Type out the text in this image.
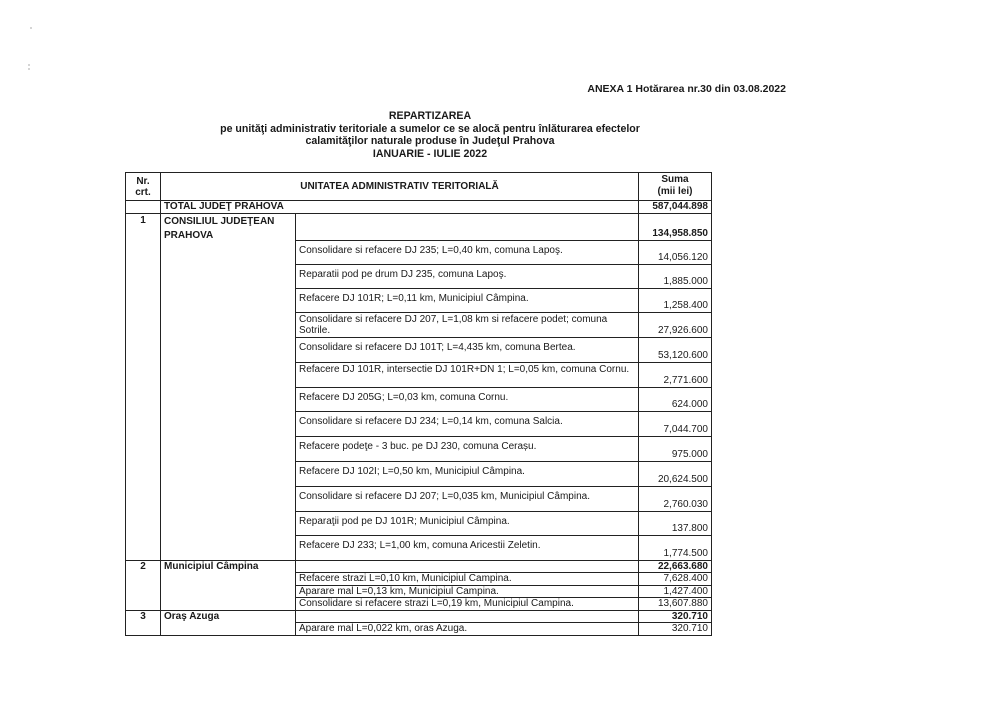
ANEXA 1 Hotărarea nr.30 din 03.08.2022
REPARTIZAREA
pe unităţi administrativ teritoriale a sumelor ce se alocă pentru înlăturarea efectelor
calamităţilor naturale produse în Judeţul Prahova
IANUARIE - IULIE 2022
Nr.
crt.	UNITATEA ADMINISTRATIV TERITORIALĂ		Suma
(mii lei)
	TOTAL JUDEŢ PRAHOVA		587,044.898
1	CONSILIUL JUDEŢEAN PRAHOVA		134,958.850
		Consolidare si refacere DJ 235; L=0,40 km, comuna Lapoş.	14,056.120
		Reparatii pod pe drum DJ 235, comuna Lapoş.	1,885.000
		Refacere DJ 101R; L=0,11 km, Municipiul Câmpina.	1,258.400
		Consolidare si refacere DJ 207, L=1,08 km si refacere podet; comuna Sotrile.	27,926.600
		Consolidare si refacere DJ 101T; L=4,435 km, comuna Bertea.	53,120.600
		Refacere DJ 101R, intersectie DJ 101R+DN 1; L=0,05 km, comuna Cornu.	2,771.600
		Refacere DJ 205G; L=0,03 km, comuna Cornu.	624.000
		Consolidare si refacere DJ 234; L=0,14 km, comuna Salcia.	7,044.700
		Refacere podeţe - 3 buc. pe DJ 230, comuna Cerașu.	975.000
		Refacere DJ 102I; L=0,50 km, Municipiul Câmpina.	20,624.500
		Consolidare si refacere DJ 207; L=0,035 km, Municipiul Câmpina.	2,760.030
		Reparaţii pod pe DJ 101R; Municipiul Câmpina.	137.800
		Refacere DJ 233; L=1,00 km, comuna Aricestii Zeletin.	1,774.500
2	Municipiul Câmpina		22,663.680
		Refacere strazi L=0,10 km, Municipiul Campina.	7,628.400
		Aparare mal L=0,13 km, Municipiul Campina.	1,427.400
		Consolidare si refacere strazi L=0,19 km, Municipiul Campina.	13,607.880
3	Oraş Azuga		320.710
		Aparare mal L=0,022 km, oras Azuga.	320.710
